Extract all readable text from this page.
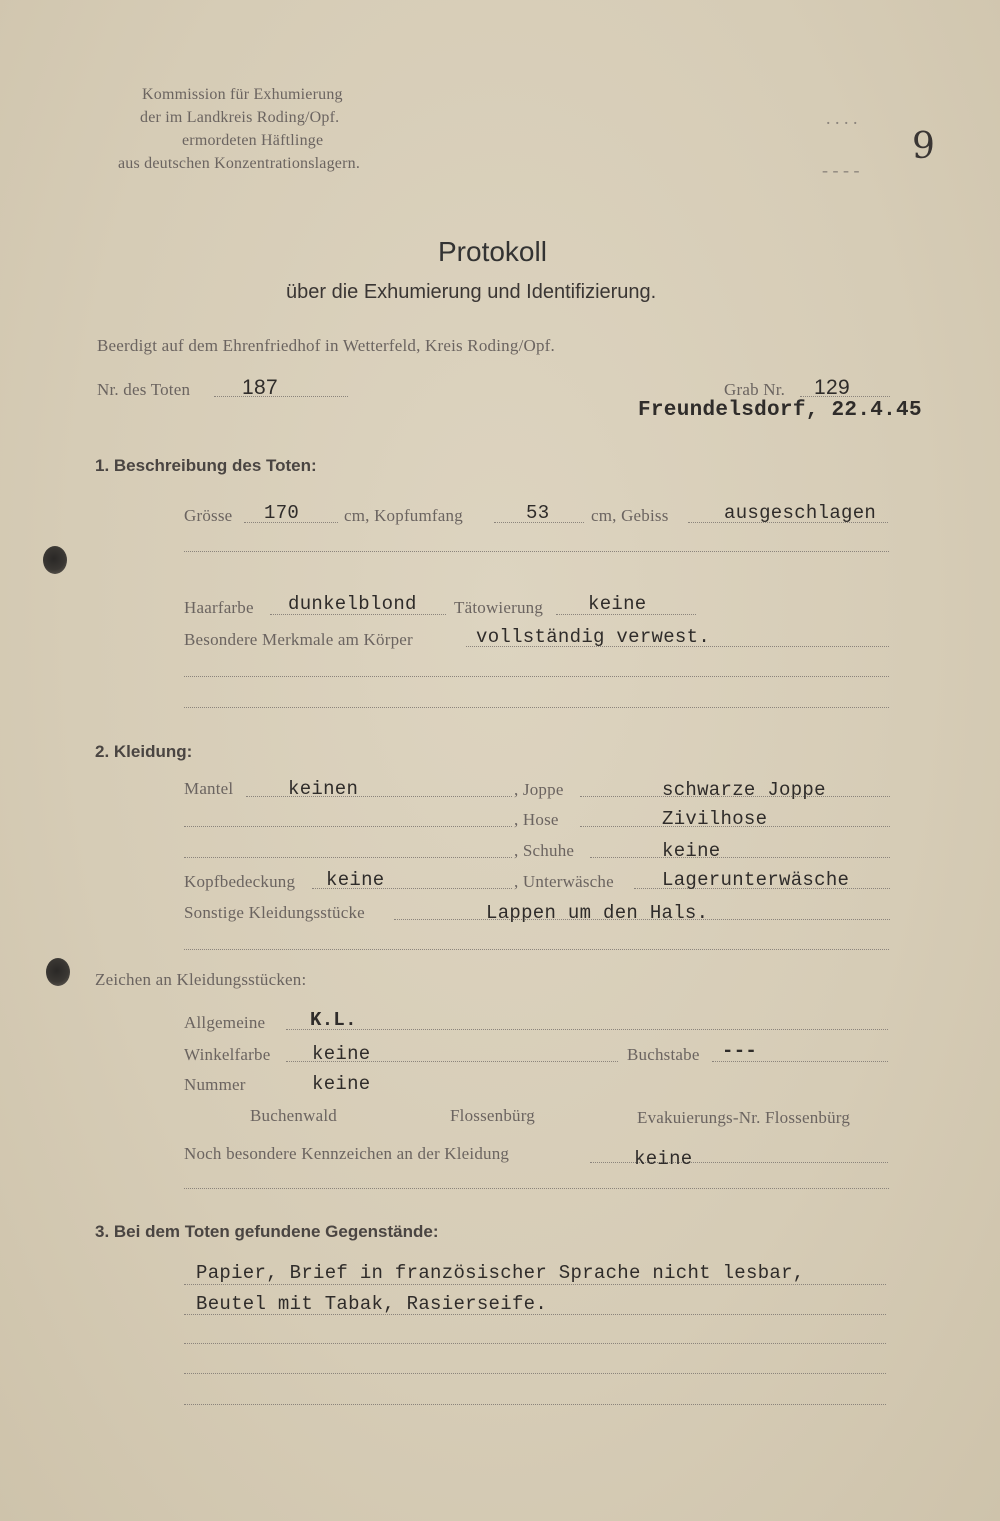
Kommission für Exhumierung
der im Landkreis Roding/Opf.
ermordeten Häftlinge
aus deutschen Konzentrationslagern.	9
. . . .
- - - -
Protokoll
über die Exhumierung und Identifizierung.
Beerdigt auf dem Ehrenfriedhof in Wetterfeld, Kreis Roding/Opf.
Nr. des Toten 187	Grab Nr. 129
Freundelsdorf, 22.4.45
1. Beschreibung des Toten:
Grösse 170	cm, Kopfumfang	53 cm, Gebiss	ausgeschlagen
Haarfarbe dunkelblond Tätowierung keine
Besondere Merkmale am Körper	vollständig verwest.
2. Kleidung:
Mantel	keinen	, Joppe	schwarze Joppe
, Hose	Zivilhose
, Schuhe	keine
Kopfbedeckung keine	, Unterwäsche	Lagerunterwäsche
Sonstige Kleidungsstücke	Lappen um den Hals.
Zeichen an Kleidungsstücken:
Allgemeine K.L.
Winkelfarbe keine	Buchstabe ---
Nummer	keine
Buchenwald	Flossenbürg	Evakuierungs-Nr. Flossenbürg
Noch besondere Kennzeichen an der Kleidung	keine
3. Bei dem Toten gefundene Gegenstände:
Papier, Brief in französischer Sprache nicht lesbar,
Beutel mit Tabak, Rasierseife.
